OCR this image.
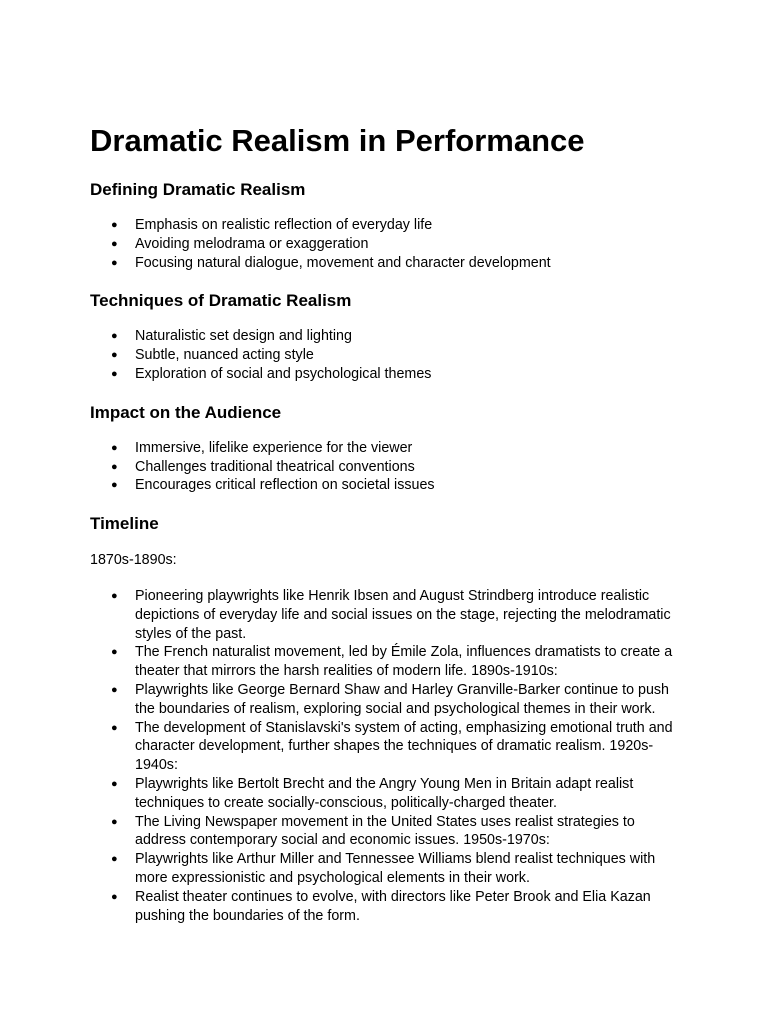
Dramatic Realism in Performance
Defining Dramatic Realism
● Emphasis on realistic reflection of everyday life
● Avoiding melodrama or exaggeration
● Focusing natural dialogue, movement and character development
Techniques of Dramatic Realism
● Naturalistic set design and lighting
● Subtle, nuanced acting style
● Exploration of social and psychological themes
Impact on the Audience
● Immersive, lifelike experience for the viewer
● Challenges traditional theatrical conventions
● Encourages critical reflection on societal issues
Timeline

1870s-1890s:

● Pioneering playwrights like Henrik Ibsen and August Strindberg introduce realistic depictions of everyday life and social issues on the stage, rejecting the melodramatic styles of the past.
● The French naturalist movement, led by Émile Zola, influences dramatists to create a theater that mirrors the harsh realities of modern life. 1890s-1910s:
● Playwrights like George Bernard Shaw and Harley Granville-Barker continue to push the boundaries of realism, exploring social and psychological themes in their work.
● The development of Stanislavski's system of acting, emphasizing emotional truth and character development, further shapes the techniques of dramatic realism. 1920s-1940s:
● Playwrights like Bertolt Brecht and the Angry Young Men in Britain adapt realist techniques to create socially-conscious, politically-charged theater.
● The Living Newspaper movement in the United States uses realist strategies to address contemporary social and economic issues. 1950s-1970s:
● Playwrights like Arthur Miller and Tennessee Williams blend realist techniques with more expressionistic and psychological elements in their work.
● Realist theater continues to evolve, with directors like Peter Brook and Elia Kazan pushing the boundaries of the form.
